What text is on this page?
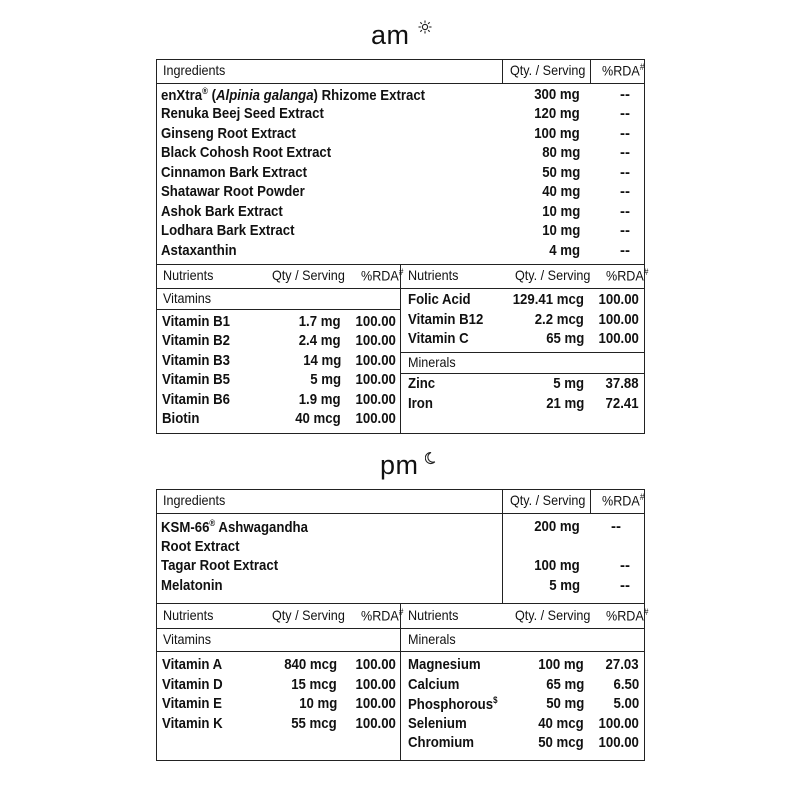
am
Ingredients	Qty. / Serving %RDA#
enXtra® (Alpinia galanga) Rhizome Extract	300 mg	--
Renuka Beej Seed Extract	120 mg	--
Ginseng Root Extract	100 mg	--
Black Cohosh Root Extract	80 mg	--
Cinnamon Bark Extract	50 mg	--
Shatawar Root Powder	40 mg	--
Ashok Bark Extract	10 mg	--
Lodhara Bark Extract	10 mg	--
Astaxanthin	4 mg	--
Nutrients	Qty / Serving %RDA# Nutrients	Qty. / Serving %RDA#
Vitamins
Vitamin B1	1.7 mg 100.00
Vitamin B2	2.4 mg 100.00
Vitamin B3	14 mg 100.00
Vitamin B5	5 mg 100.00
Vitamin B6	1.9 mg 100.00
Biotin	40 mcg 100.00
Folic Acid	129.41 mcg 100.00
Vitamin B12	2.2 mcg 100.00
Vitamin C	65 mg 100.00
Minerals
Zinc	5 mg 37.88
Iron	21 mg 72.41
pm
Ingredients	Qty. / Serving %RDA#
KSM-66® Ashwagandha
Root Extract
200 mg --
Tagar Root Extract	100 mg	--
Melatonin	5 mg	--
Nutrients	Qty / Serving %RDA# Nutrients	Qty. / Serving %RDA#
Vitamins	Minerals
Vitamin A	840 mcg 100.00
Vitamin D	15 mcg 100.00
Vitamin E	10 mg 100.00
Vitamin K	55 mcg 100.00
Magnesium	100 mg 27.03
Calcium	65 mg 6.50
Phosphorous$	50 mg 5.00
Selenium	40 mcg 100.00
Chromium	50 mcg 100.00
